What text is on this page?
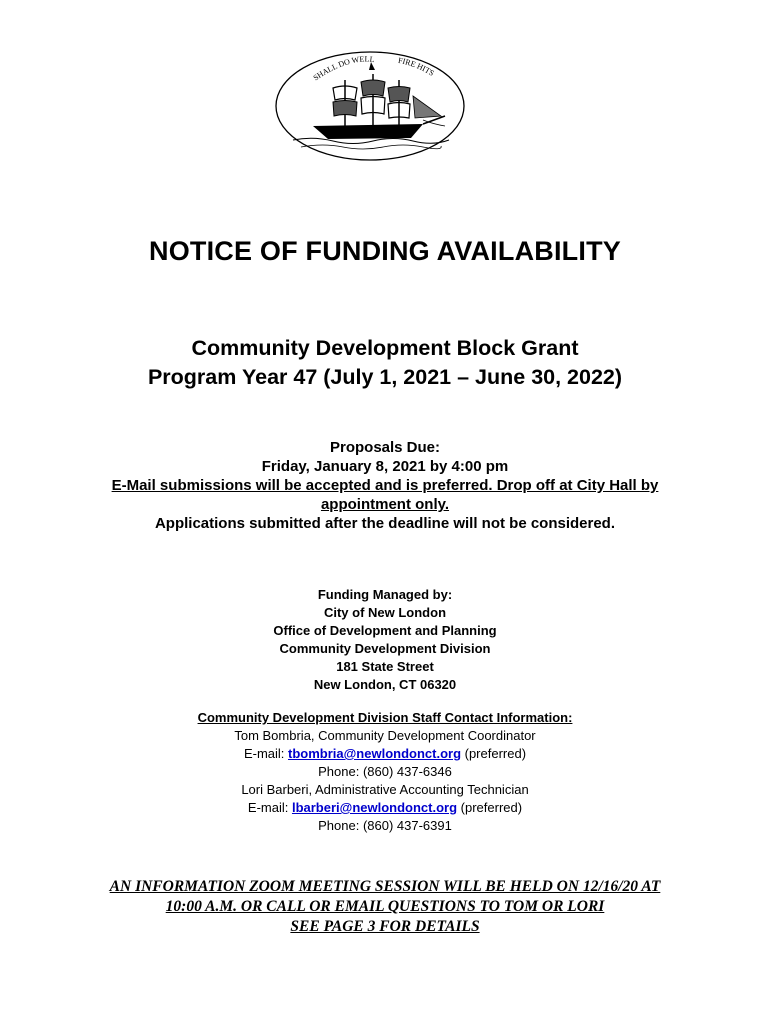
SHALL DO WELL	FIRE HITS
NOTICE OF FUNDING AVAILABILITY
Community Development Block Grant
Program Year 47 (July 1, 2021 – June 30, 2022)
Proposals Due:
Friday, January 8, 2021 by 4:00 pm
E-Mail submissions will be accepted and is preferred. Drop off at City Hall by
appointment only.
Applications submitted after the deadline will not be considered.
Funding Managed by:
City of New London
Office of Development and Planning
Community Development Division
181 State Street
New London, CT 06320
Community Development Division Staff Contact Information:
Tom Bombria, Community Development Coordinator
E-mail: tbombria@newlondonct.org (preferred)
Phone: (860) 437-6346
Lori Barberi, Administrative Accounting Technician
E-mail: lbarberi@newlondonct.org (preferred)
Phone: (860) 437-6391
AN INFORMATION ZOOM MEETING SESSION WILL BE HELD ON 12/16/20 AT
10:00 A.M. OR CALL OR EMAIL QUESTIONS TO TOM OR LORI
SEE PAGE 3 FOR DETAILS
